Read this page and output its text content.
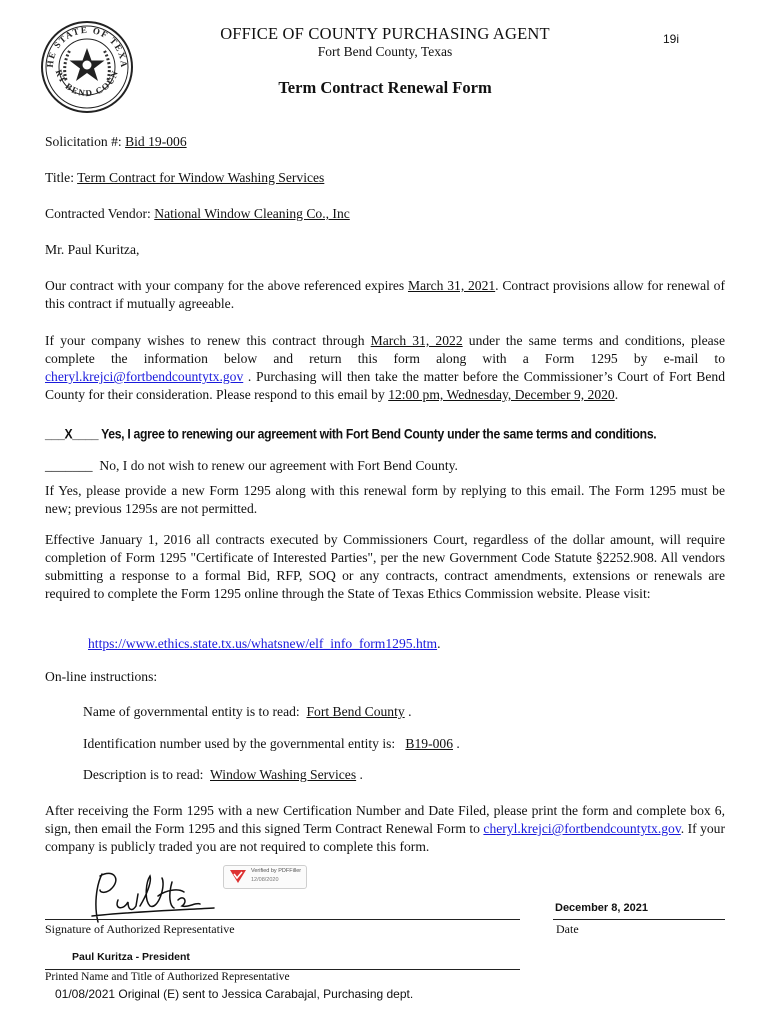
HE STATE OF TEXA
RT BEND COUN
OFFICE OF COUNTY PURCHASING AGENT
Fort Bend County, Texas
19i
Term Contract Renewal Form
Solicitation #: Bid 19-006
Title: Term Contract for Window Washing Services
Contracted Vendor: National Window Cleaning Co., Inc
Mr. Paul Kuritza,
Our contract with your company for the above referenced expires March 31, 2021. Contract provisions allow for renewal of this contract if mutually agreeable.
If your company wishes to renew this contract through March 31, 2022 under the same terms and conditions, please complete the information below and return this form along with a Form 1295 by e-mail to cheryl.krejci@fortbendcountytx.gov . Purchasing will then take the matter before the Commissioner’s Court of Fort Bend County for their consideration. Please respond to this email by 12:00 pm, Wednesday, December 9, 2020.
___X____ Yes, I agree to renewing our agreement with Fort Bend County under the same terms and conditions.
_______ No, I do not wish to renew our agreement with Fort Bend County.
If Yes, please provide a new Form 1295 along with this renewal form by replying to this email. The Form 1295 must be new; previous 1295s are not permitted.
Effective January 1, 2016 all contracts executed by Commissioners Court, regardless of the dollar amount, will require completion of Form 1295 "Certificate of Interested Parties", per the new Government Code Statute §2252.908. All vendors submitting a response to a formal Bid, RFP, SOQ or any contracts, contract amendments, extensions or renewals are required to complete the Form 1295 online through the State of Texas Ethics Commission website. Please visit:
https://www.ethics.state.tx.us/whatsnew/elf_info_form1295.htm.
On-line instructions:
Name of governmental entity is to read: Fort Bend County .
Identification number used by the governmental entity is: B19-006 .
Description is to read: Window Washing Services .
After receiving the Form 1295 with a new Certification Number and Date Filed, please print the form and complete box 6, sign, then email the Form 1295 and this signed Term Contract Renewal Form to cheryl.krejci@fortbendcountytx.gov. If your company is publicly traded you are not required to complete this form.
Verified by PDFFiller
12/08/2020
December 8, 2021
Signature of Authorized Representative	Date
Paul Kuritza - President
Printed Name and Title of Authorized Representative
01/08/2021 Original (E) sent to Jessica Carabajal, Purchasing dept.
